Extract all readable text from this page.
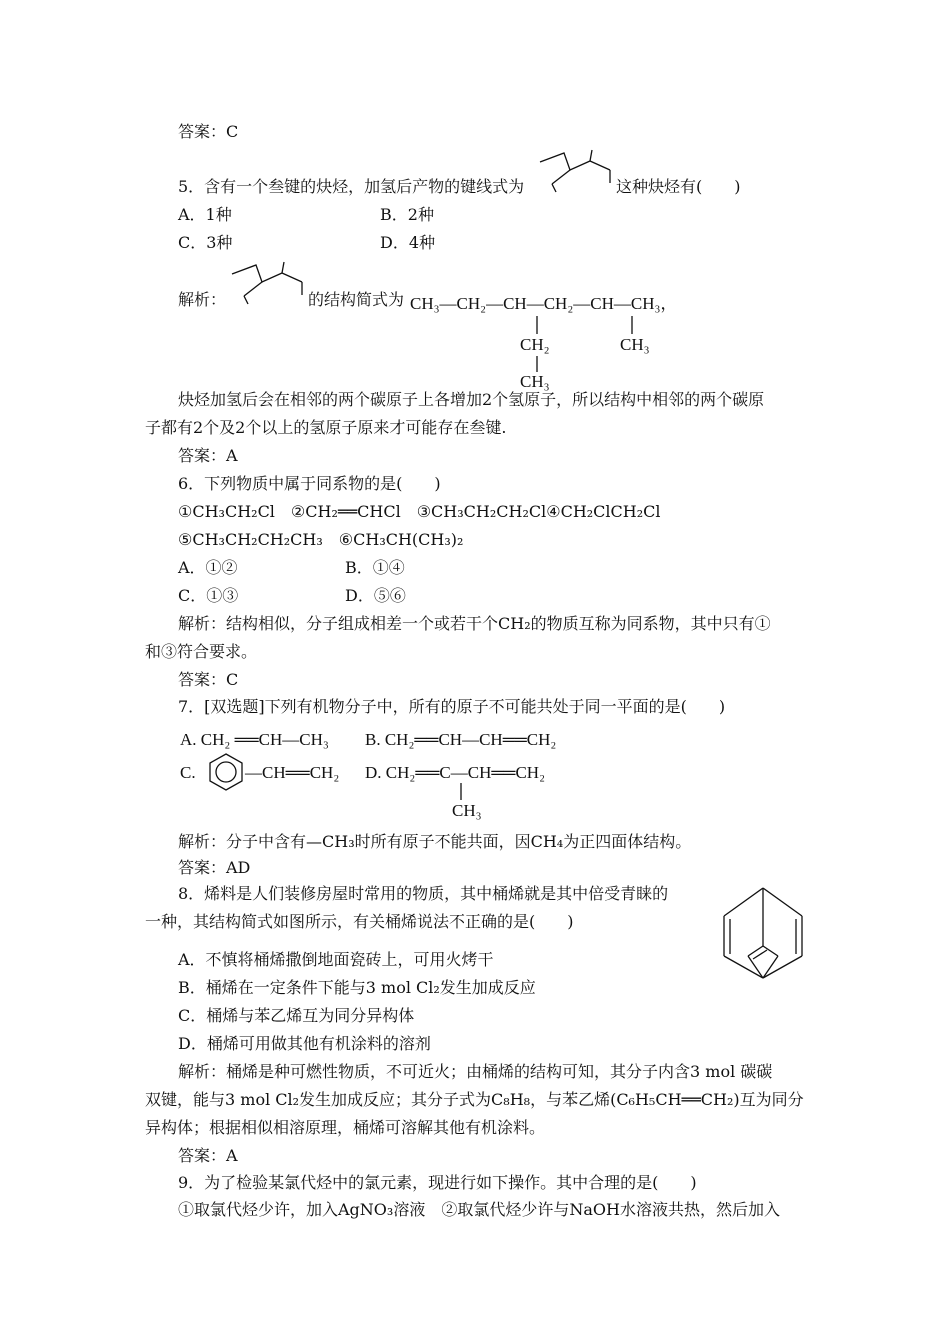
答案：C
5．含有一个叁键的炔烃，加氢后产物的键线式为	这种炔烃有(　　)
A．1种	B．2种
C．3种	D．4种
解析：	的结构简式为 CH₃—CH₂—CH—CH₂—CH—CH₃，
CH₂	CH₃
CH₃
炔烃加氢后会在相邻的两个碳原子上各增加2个氢原子，所以结构中相邻的两个碳原
子都有2个及2个以上的氢原子原来才可能存在叁键.
答案：A
6．下列物质中属于同系物的是(　　)
①CH₃CH₂Cl　②CH₂══CHCl　③CH₃CH₂CH₂Cl④CH₂ClCH₂Cl
⑤CH₃CH₂CH₂CH₃　⑥CH₃CH(CH₃)₂
A．①②	B．①④
C．①③	D．⑤⑥
解析：结构相似，分子组成相差一个或若干个CH₂的物质互称为同系物，其中只有①
和③符合要求。
答案：C
7．[双选题]下列有机物分子中，所有的原子不可能共处于同一平面的是(　　)
A. CH₂ ══CH—CH₃ B. CH₂══CH—CH══CH₂
C.	—CH══CH₂ D. CH₂══C—CH══CH₂
CH₃
解析：分子中含有—CH₃时所有原子不能共面，因CH₄为正四面体结构。
答案：AD
8．烯料是人们装修房屋时常用的物质，其中桶烯就是其中倍受青睐的
一种，其结构简式如图所示，有关桶烯说法不正确的是(　　)
A．不慎将桶烯撒倒地面瓷砖上，可用火烤干
B．桶烯在一定条件下能与3 mol Cl₂发生加成反应
C．桶烯与苯乙烯互为同分异构体
D．桶烯可用做其他有机涂料的溶剂
解析：桶烯是种可燃性物质，不可近火；由桶烯的结构可知，其分子内含3 mol 碳碳
双键，能与3 mol Cl₂发生加成反应；其分子式为C₈H₈，与苯乙烯(C₆H₅CH══CH₂)互为同分
异构体；根据相似相溶原理，桶烯可溶解其他有机涂料。
答案：A
9．为了检验某氯代烃中的氯元素，现进行如下操作。其中合理的是(　　)
①取氯代烃少许，加入AgNO₃溶液　②取氯代烃少许与NaOH水溶液共热，然后加入
